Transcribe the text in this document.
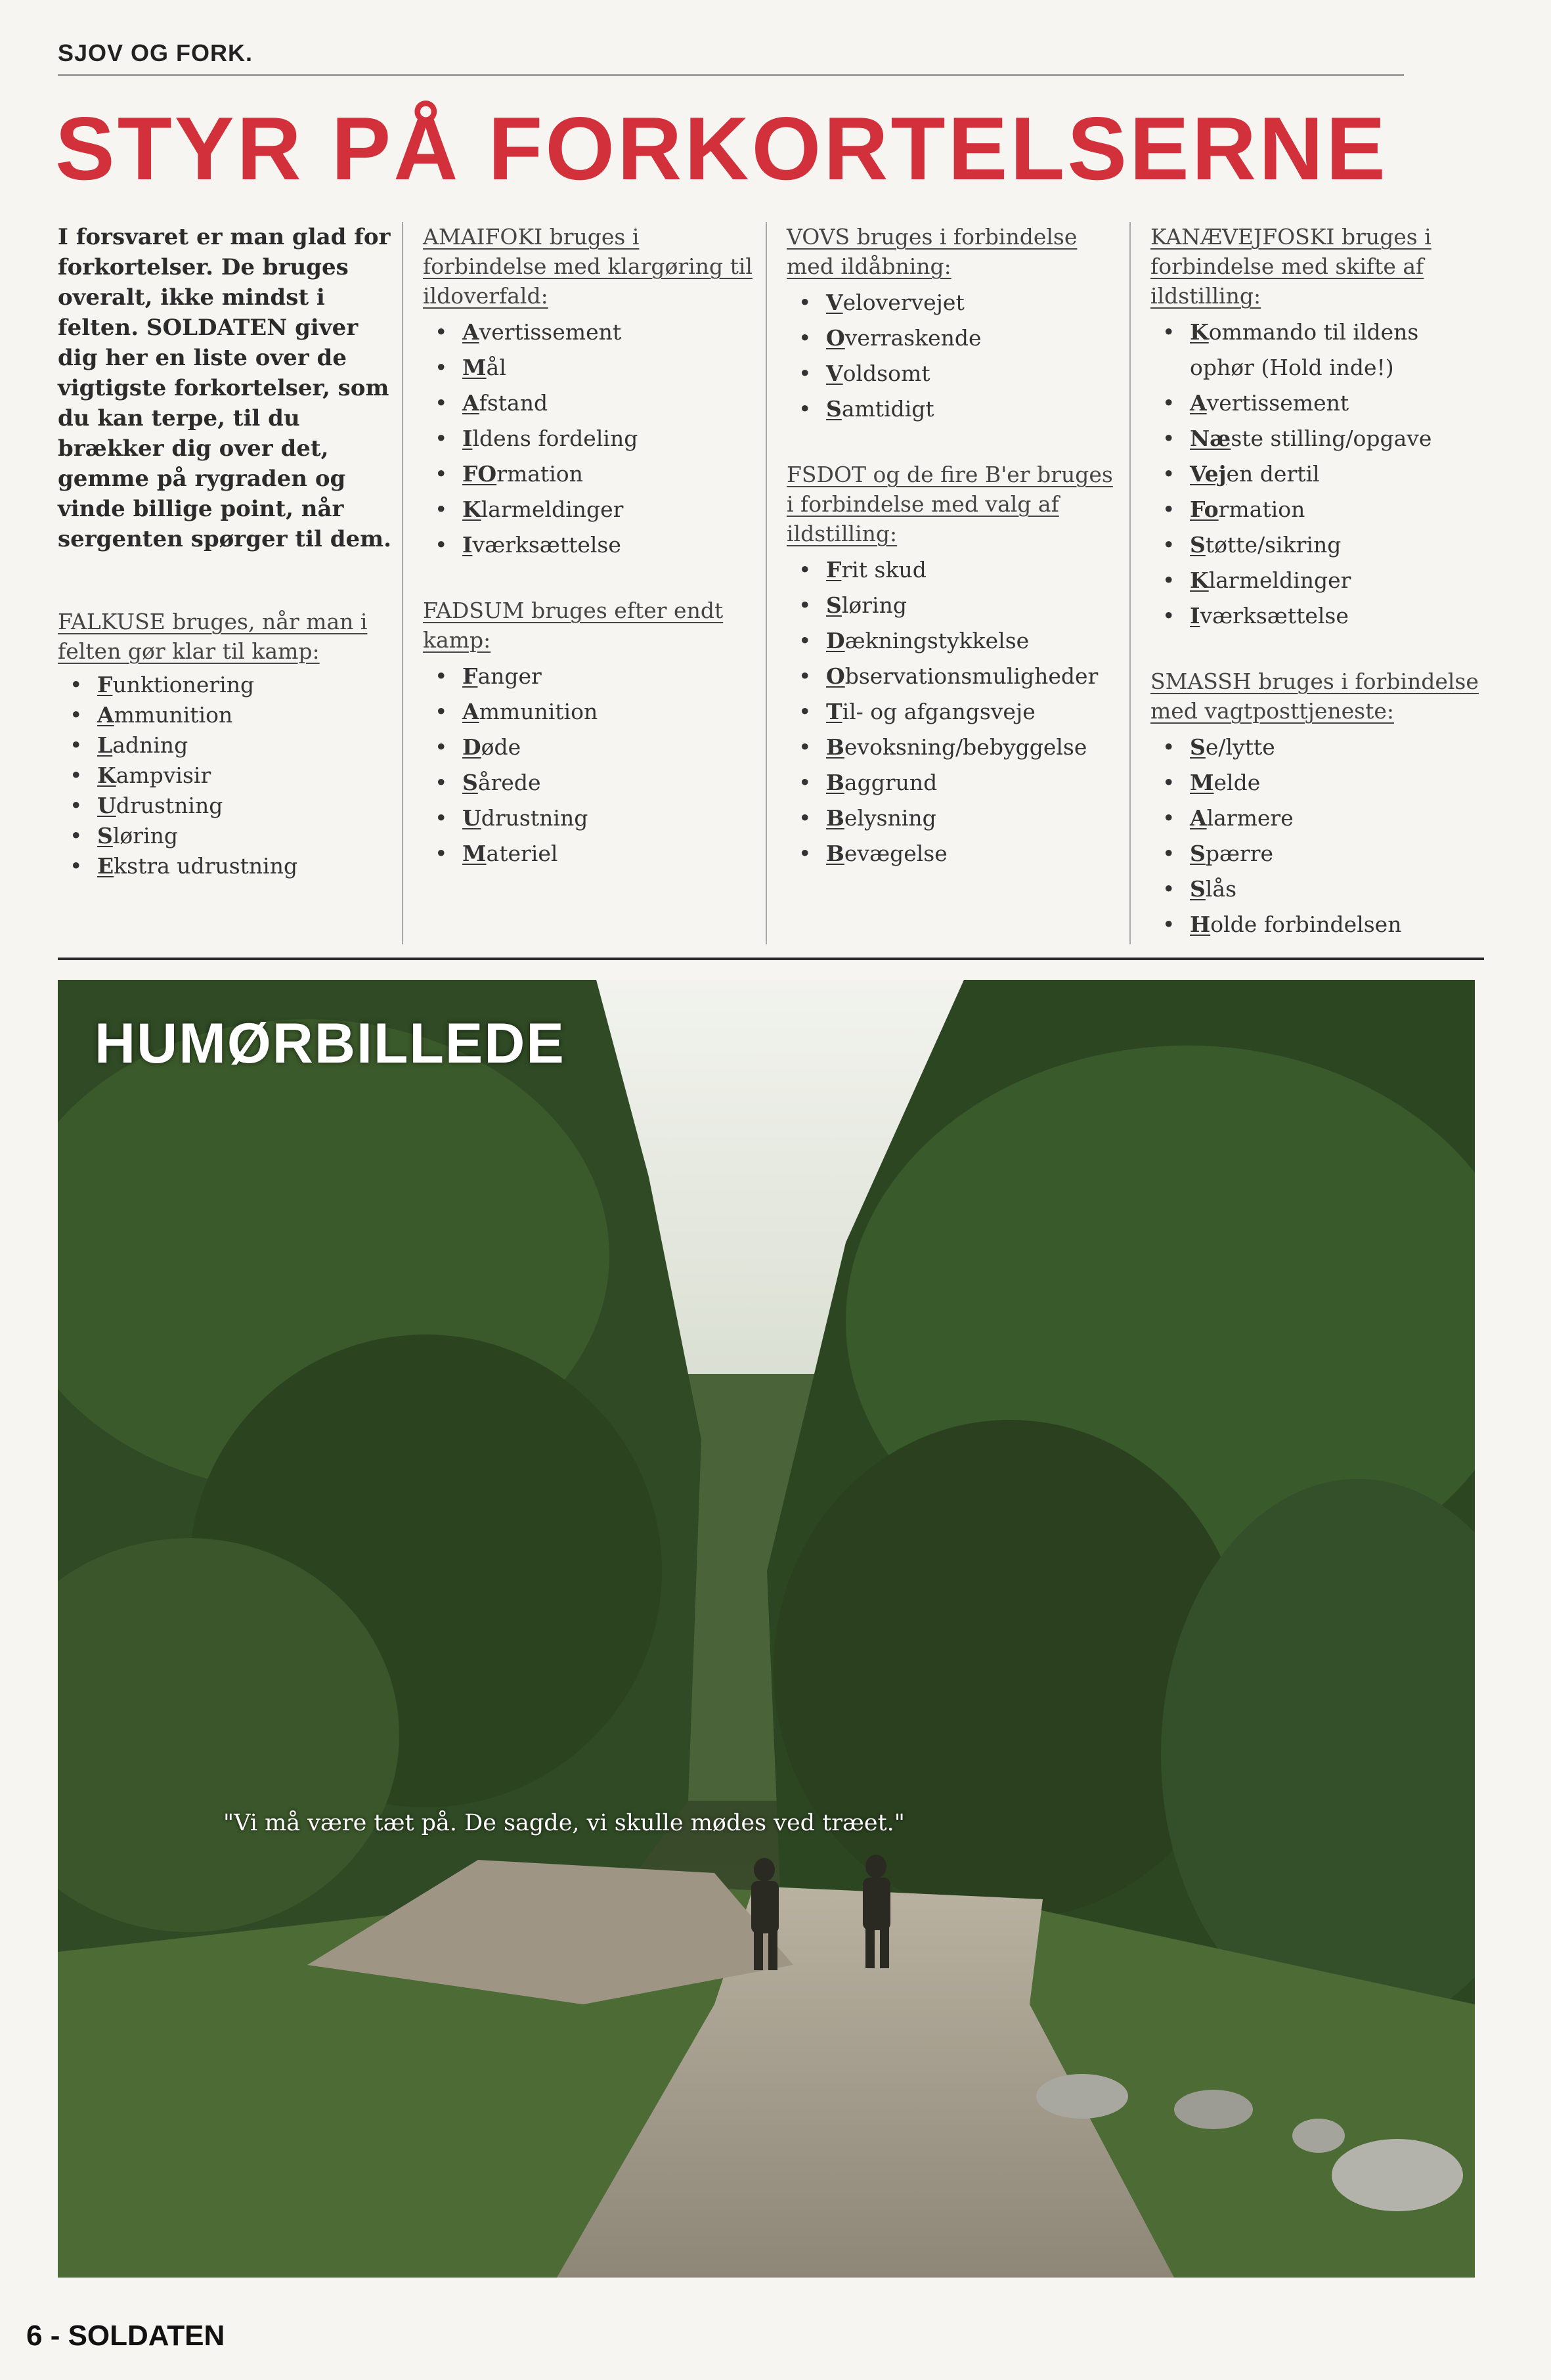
SJOV OG FORK.
STYR PÅ FORKORTELSERNE

I forsvaret er man glad for forkortelser. De bruges overalt, ikke mindst i felten. SOLDATEN giver dig her en liste over de vigtigste forkortelser, som du kan terpe, til du brækker dig over det, gemme på rygraden og vinde billige point, når sergenten spørger til dem.

FALKUSE bruges, når man i felten gør klar til kamp:

• Funktionering
• Ammunition
• Ladning
• Kampvisir
• Udrustning
• Sløring
• Ekstra udrustning

AMAIFOKI bruges i forbindelse med klargøring til ildoverfald:

• Avertissement
• Mål
• Afstand
• Ildens fordeling
• FOrmation
• Klarmeldinger
• Iværksættelse

FADSUM bruges efter endt kamp:

• Fanger
• Ammunition
• Døde
• Sårede
• Udrustning
• Materiel

VOVS bruges i forbindelse med ildåbning:

• Velovervejet
• Overraskende
• Voldsomt
• Samtidigt

FSDOT og de fire B'er bruges i forbindelse med valg af ildstilling:

• Frit skud
• Sløring
• Dækningstykkelse
• Observationsmuligheder
• Til- og afgangsveje
• Bevoksning/bebyggelse
• Baggrund
• Belysning
• Bevægelse

KANÆVEJFOSKI bruges i forbindelse med skifte af ildstilling:

• Kommando til ildens
ophør (Hold inde!)
• Avertissement
• Næste stilling/opgave
• Vejen dertil
• Formation
• Støtte/sikring
• Klarmeldinger
• Iværksættelse

SMASSH bruges i forbindelse med vagtposttjeneste:

• Se/lytte
• Melde
• Alarmere
• Spærre
• Slås
• Holde forbindelsen
HUMØRBILLEDE

"Vi må være tæt på. De sagde, vi skulle mødes ved træet."

6 - SOLDATEN
